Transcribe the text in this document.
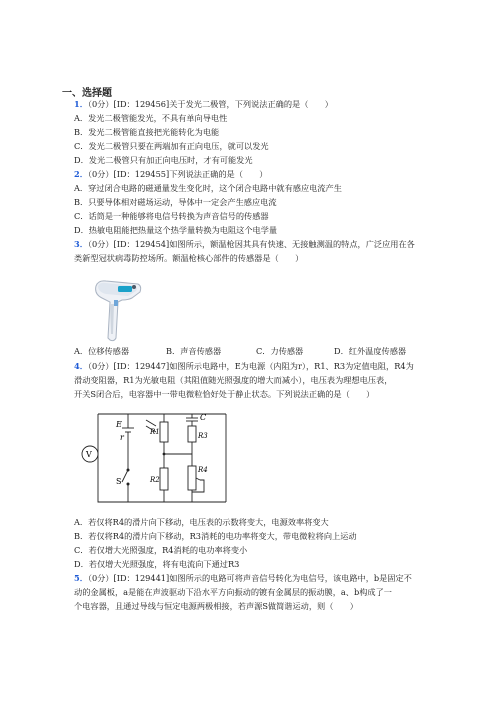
一、选择题
1．（0分）[ID：129456]关于发光二极管，下列说法正确的是（　　）
A．发光二极管能发光，不具有单向导电性
B．发光二极管能直接把光能转化为电能
C．发光二极管只要在两端加有正向电压，就可以发光
D．发光二极管只有加正向电压时，才有可能发光
2．（0分）[ID：129455]下列说法正确的是（　　）
A．穿过闭合电路的磁通量发生变化时，这个闭合电路中就有感应电流产生
B．只要导体相对磁场运动，导体中一定会产生感应电流
C．话筒是一种能够将电信号转换为声音信号的传感器
D．热敏电阻能把热量这个热学量转换为电阻这个电学量
3．（0分）[ID：129454]如图所示，额温枪因其具有快速、无接触测温的特点，广泛应用在各
类新型冠状病毒防控场所。额温枪核心部件的传感器是（　　）
A．位移传感器	B．声音传感器	C．力传感器	D．红外温度传感器
4．（0分）[ID：129447]如图所示电路中，E为电源（内阻为r），R1、R3为定值电阻，R4为
滑动变阻器，R1为光敏电阻（其阻值随光照强度的增大而减小），电压表为理想电压表，
开关S闭合后，电容器中一带电微粒恰好处于静止状态。下列说法正确的是（　　）
V
E
r
S
R1
R2
R3
R4
C
A．若仅将R4的滑片向下移动，电压表的示数将变大，电源效率将变大
B．若仅将R4的滑片向下移动，R3消耗的电功率将变大，带电微粒将向上运动
C．若仅增大光照强度，R4消耗的电功率将变小
D．若仅增大光照强度，将有电流向下通过R3
5．（0分）[ID：129441]如图所示的电路可将声音信号转化为电信号，该电路中，b是固定不
动的金属板，a是能在声波驱动下沿水平方向振动的镀有金属层的振动膜，a、b构成了一
个电容器，且通过导线与恒定电源两极相接，若声源S做简谐运动，则（　　）
